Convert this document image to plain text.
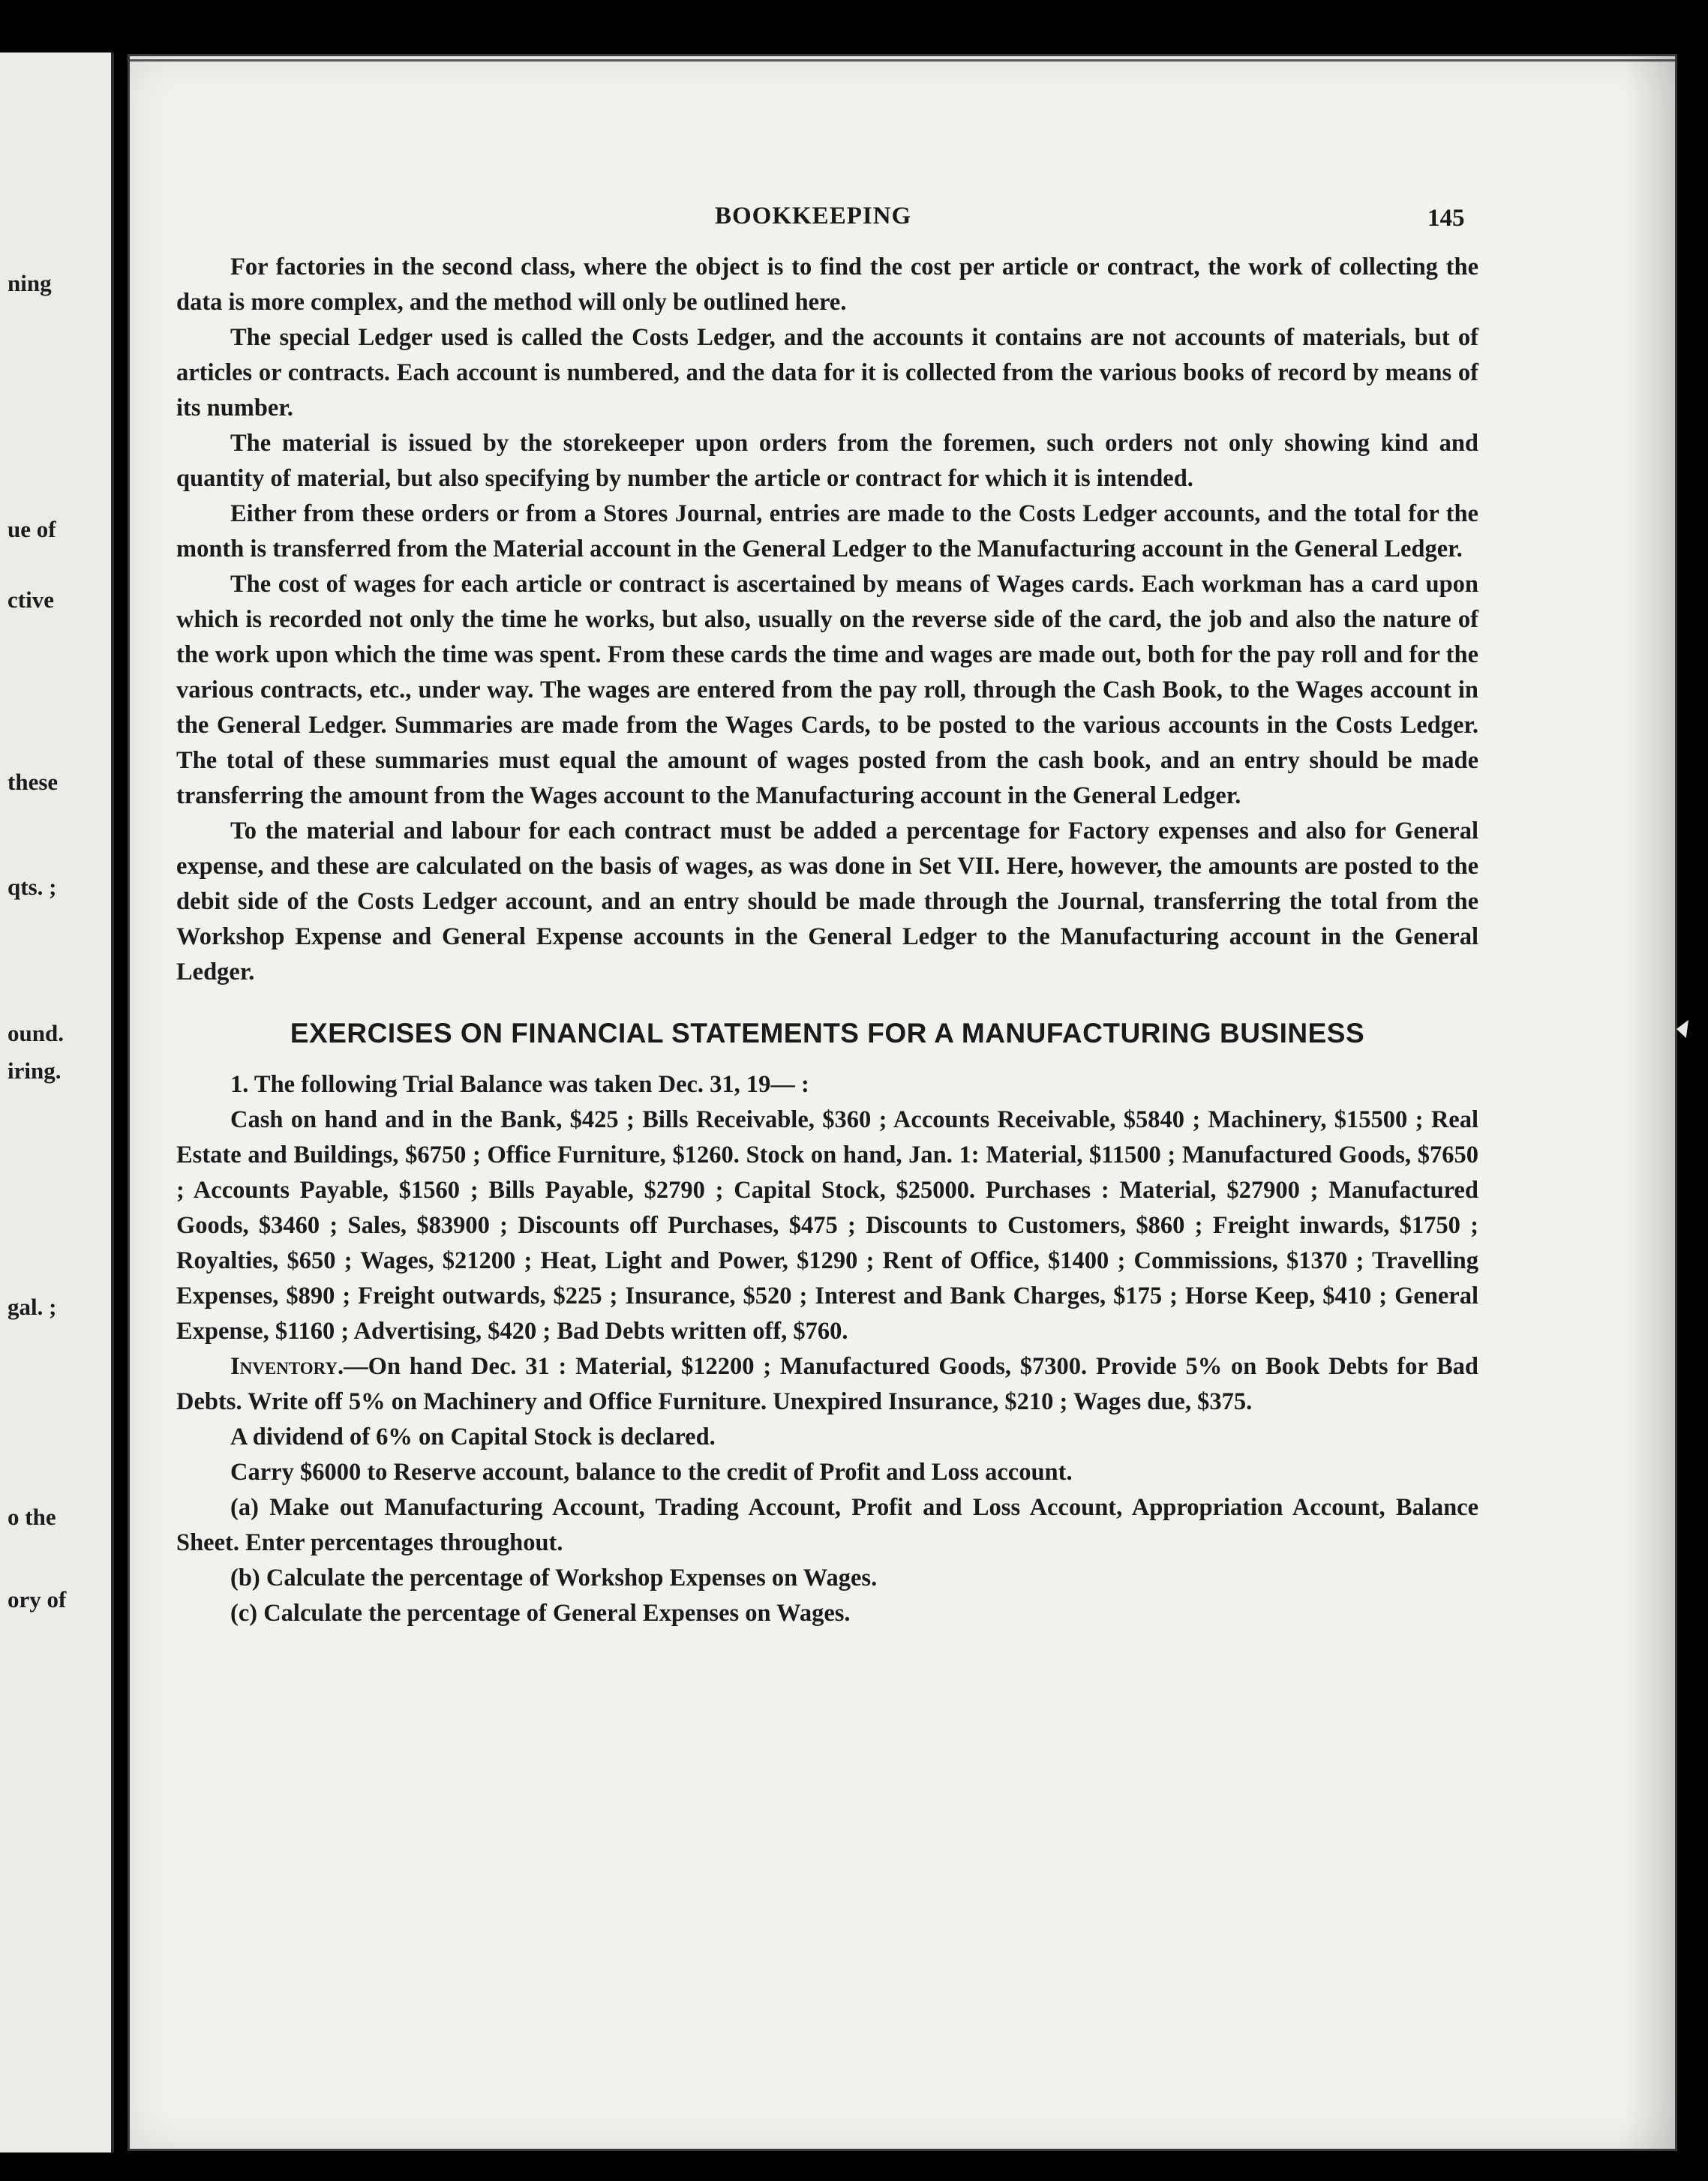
ning
ue of
ctive
these
qts. ;
ound.
iring.
gal. ;
o the
ory of
BOOKKEEPING	145

For factories in the second class, where the object is to find the cost per article or contract, the work of collecting the data is more complex, and the method will only be outlined here.

The special Ledger used is called the Costs Ledger, and the accounts it contains are not accounts of materials, but of articles or contracts. Each account is numbered, and the data for it is collected from the various books of record by means of its number.

The material is issued by the storekeeper upon orders from the foremen, such orders not only showing kind and quantity of material, but also specifying by number the article or contract for which it is intended.

Either from these orders or from a Stores Journal, entries are made to the Costs Ledger accounts, and the total for the month is transferred from the Material account in the General Ledger to the Manufacturing account in the General Ledger.

The cost of wages for each article or contract is ascertained by means of Wages cards. Each workman has a card upon which is recorded not only the time he works, but also, usually on the reverse side of the card, the job and also the nature of the work upon which the time was spent. From these cards the time and wages are made out, both for the pay roll and for the various contracts, etc., under way. The wages are entered from the pay roll, through the Cash Book, to the Wages account in the General Ledger. Summaries are made from the Wages Cards, to be posted to the various accounts in the Costs Ledger. The total of these summaries must equal the amount of wages posted from the cash book, and an entry should be made transferring the amount from the Wages account to the Manufacturing account in the General Ledger.

To the material and labour for each contract must be added a percentage for Factory expenses and also for General expense, and these are calculated on the basis of wages, as was done in Set VII. Here, however, the amounts are posted to the debit side of the Costs Ledger account, and an entry should be made through the Journal, transferring the total from the Workshop Expense and General Expense accounts in the General Ledger to the Manufacturing account in the General Ledger.

EXERCISES ON FINANCIAL STATEMENTS FOR A MANUFACTURING BUSINESS

1. The following Trial Balance was taken Dec. 31, 19— :

Cash on hand and in the Bank, $425 ; Bills Receivable, $360 ; Accounts Receivable, $5840 ; Machinery, $15500 ; Real Estate and Buildings, $6750 ; Office Furniture, $1260. Stock on hand, Jan. 1: Material, $11500 ; Manufactured Goods, $7650 ; Accounts Payable, $1560 ; Bills Payable, $2790 ; Capital Stock, $25000. Purchases : Material, $27900 ; Manufactured Goods, $3460 ; Sales, $83900 ; Discounts off Purchases, $475 ; Discounts to Customers, $860 ; Freight inwards, $1750 ; Royalties, $650 ; Wages, $21200 ; Heat, Light and Power, $1290 ; Rent of Office, $1400 ; Commissions, $1370 ; Travelling Expenses, $890 ; Freight outwards, $225 ; Insurance, $520 ; Interest and Bank Charges, $175 ; Horse Keep, $410 ; General Expense, $1160 ; Advertising, $420 ; Bad Debts written off, $760.

Inventory.—On hand Dec. 31 : Material, $12200 ; Manufactured Goods, $7300. Provide 5% on Book Debts for Bad Debts. Write off 5% on Machinery and Office Furniture. Unexpired Insurance, $210 ; Wages due, $375.

A dividend of 6% on Capital Stock is declared.

Carry $6000 to Reserve account, balance to the credit of Profit and Loss account.

(a) Make out Manufacturing Account, Trading Account, Profit and Loss Account, Appropriation Account, Balance Sheet. Enter percentages throughout.

(b) Calculate the percentage of Workshop Expenses on Wages.

(c) Calculate the percentage of General Expenses on Wages.
